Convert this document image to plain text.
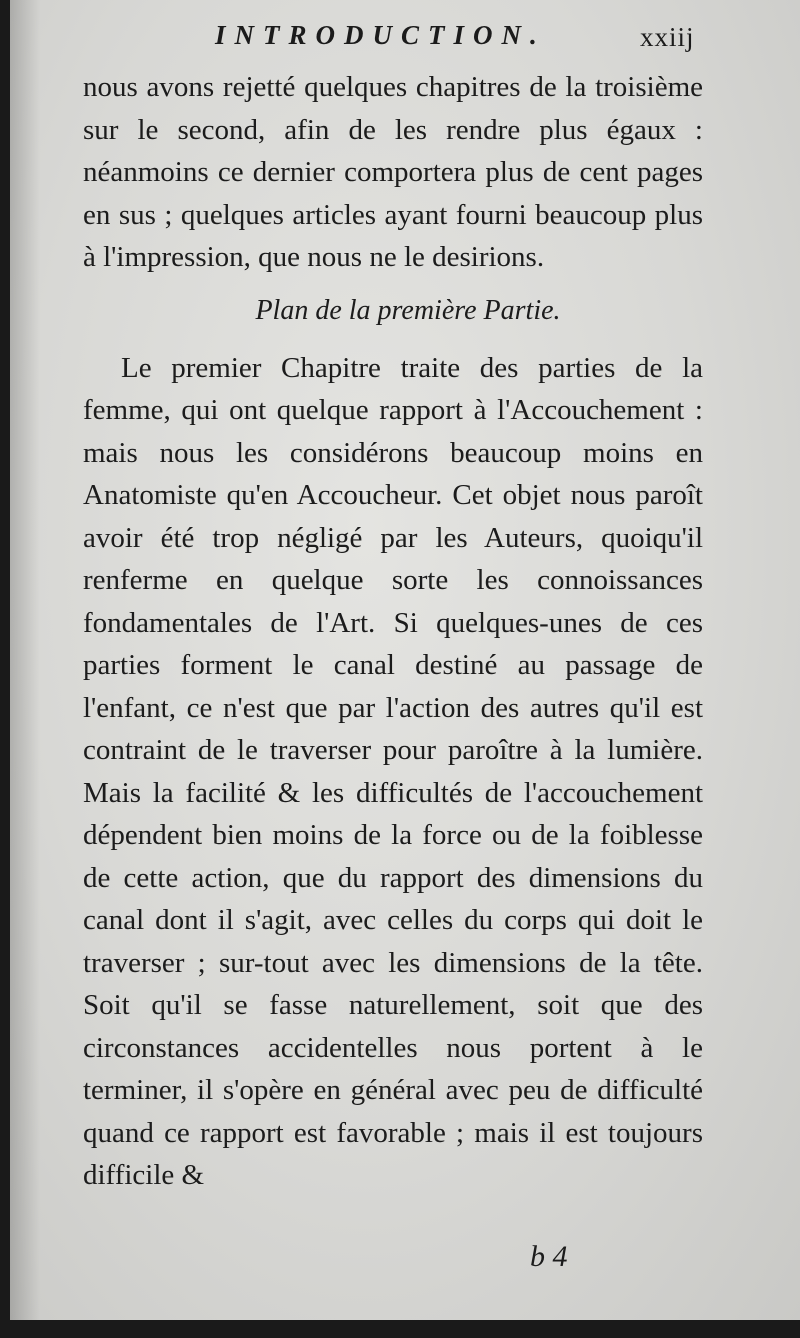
INTRODUCTION.	xxiij

nous avons rejetté quelques chapitres de la troisième sur le second, afin de les rendre plus égaux : néanmoins ce dernier comportera plus de cent pages en sus ; quelques articles ayant fourni beaucoup plus à l'impression, que nous ne le desirions.

Plan de la première Partie.

Le premier Chapitre traite des parties de la femme, qui ont quelque rapport à l'Accouchement : mais nous les considérons beaucoup moins en Anatomiste qu'en Accoucheur. Cet objet nous paroît avoir été trop négligé par les Auteurs, quoiqu'il renferme en quelque sorte les connoissances fondamentales de l'Art. Si quelques-unes de ces parties forment le canal destiné au passage de l'enfant, ce n'est que par l'action des autres qu'il est contraint de le traverser pour paroître à la lumière. Mais la facilité & les difficultés de l'accouchement dépendent bien moins de la force ou de la foiblesse de cette action, que du rapport des dimensions du canal dont il s'agit, avec celles du corps qui doit le traverser ; sur-tout avec les dimensions de la tête. Soit qu'il se fasse naturellement, soit que des circonstances accidentelles nous portent à le terminer, il s'opère en général avec peu de difficulté quand ce rapport est favorable ; mais il est toujours difficile &

b 4
